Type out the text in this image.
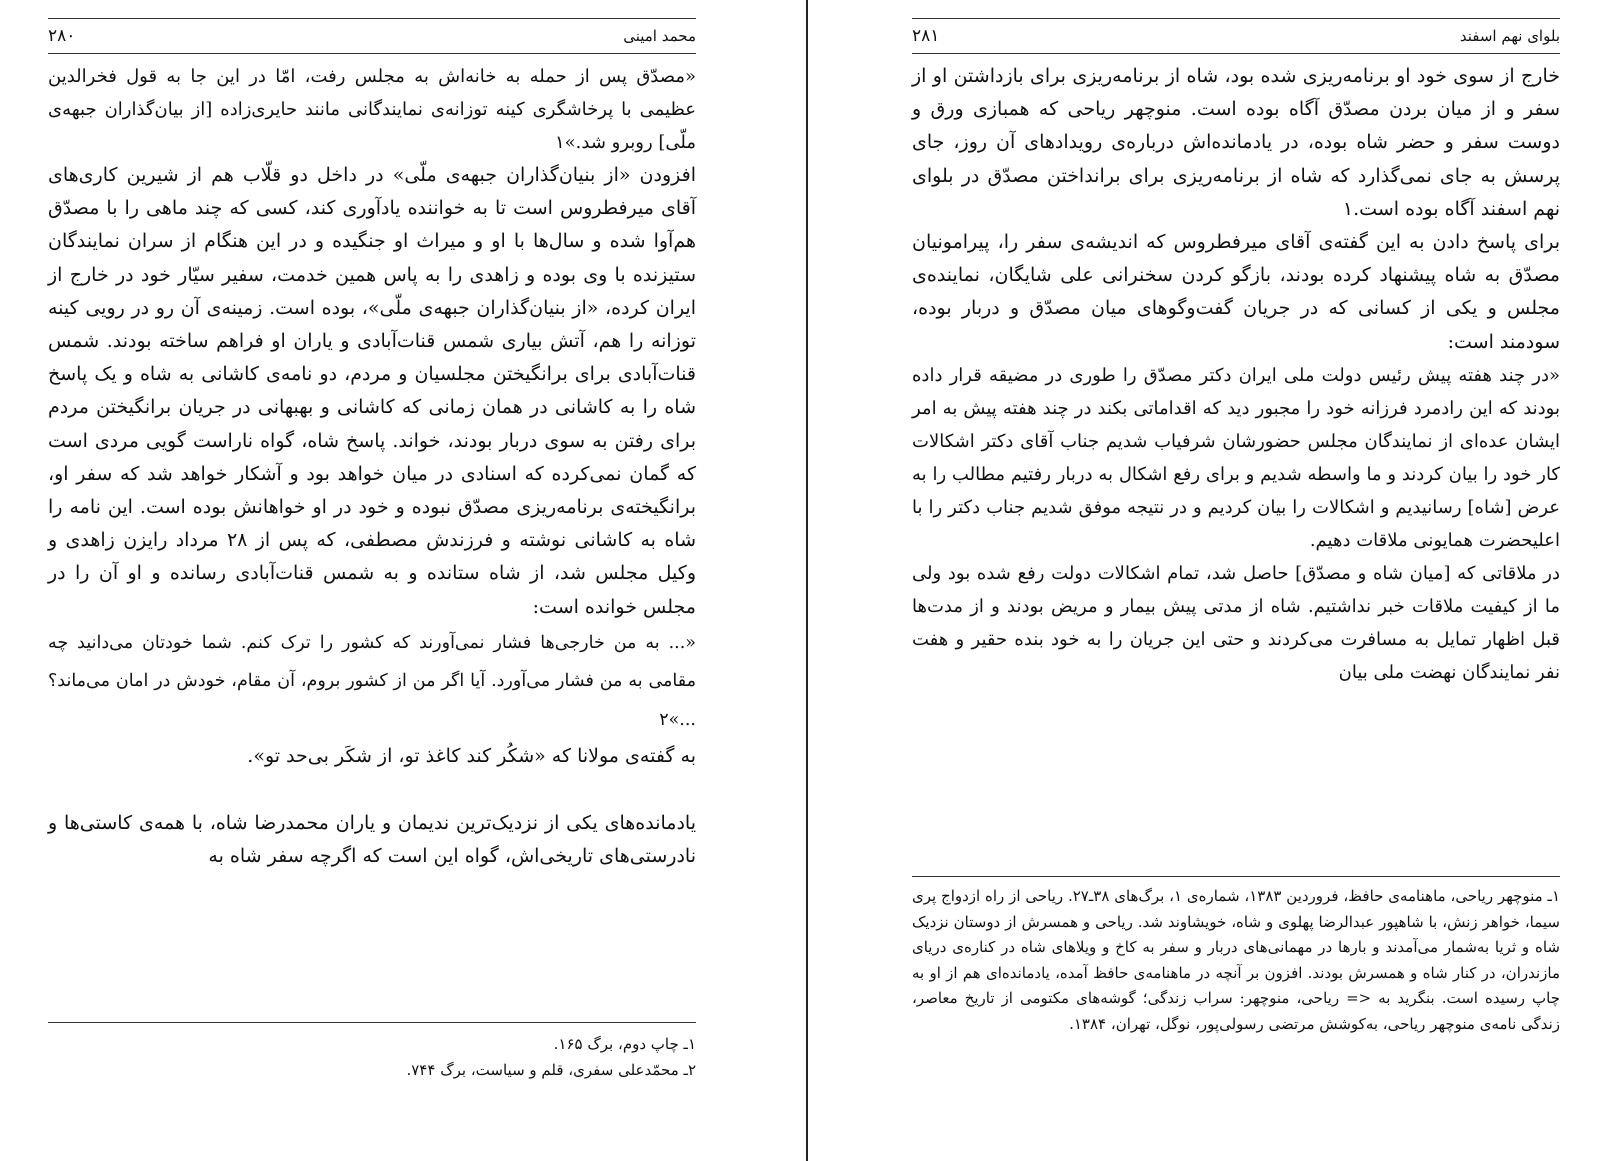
محمد امینی
۲۸۰

«مصدّق پس از حمله به خانه‌اش به مجلس رفت، امّا در این جا به قول فخرالدین عظیمی با پرخاشگری کینه توزانه‌ی نمایندگانی مانند حایری‌زاده [از بیان‌گذاران جبهه‌ی ملّی] روبرو شد.»۱

افزودن «از بنیان‌گذاران جبهه‌ی ملّی» در داخل دو قلّاب هم از شیرین کاری‌های آقای میرفطروس است تا به خواننده یادآوری کند، کسی که چند ماهی را با مصدّق هم‌آوا شده و سال‌ها با او و میراث او جنگیده و در این هنگام از سران نمایندگان ستیزنده با وی بوده و زاهدی را به پاس همین خدمت، سفیر سیّار خود در خارج از ایران کرده، «از بنیان‌گذاران جبهه‌ی ملّی»، بوده است. زمینه‌ی آن رو در رویی کینه توزانه را هم، آتش بیاری شمس قنات‌آبادی و یاران او فراهم ساخته بودند. شمس قنات‌آبادی برای برانگیختن مجلسیان و مردم، دو نامه‌ی کاشانی به شاه و یک پاسخ شاه را به کاشانی در همان زمانی که کاشانی و بهبهانی در جریان برانگیختن مردم برای رفتن به سوی دربار بودند، خواند. پاسخ شاه، گواه ناراست گویی مردی است که گمان نمی‌کرده که اسنادی در میان خواهد بود و آشکار خواهد شد که سفر او، برانگیخته‌ی برنامه‌ریزی مصدّق نبوده و خود در او خواهانش بوده است. این نامه را شاه به کاشانی نوشته و فرزندش مصطفی، که پس از ۲۸ مرداد رایزن زاهدی و وکیل مجلس شد، از شاه ستانده و به شمس قنات‌آبادی رسانده و او آن را در مجلس خوانده است:

«... به من خارجی‌ها فشار نمی‌آورند که کشور را ترک کنم. شما خودتان می‌دانید چه مقامی به من فشار می‌آورد. آیا اگر من از کشور بروم، آن مقام، خودش در امان می‌ماند؟ ...»۲

به گفته‌ی مولانا که «شکُر کند کاغذ تو، از شکَر بی‌حد تو».

یادمانده‌های یکی از نزدیک‌ترین ندیمان و یاران محمدرضا شاه، با همه‌ی کاستی‌ها و نادرستی‌های تاریخی‌اش، گواه این است که اگرچه سفر شاه به

۱ـ چاپ دوم، برگ ۱۶۵.

۲ـ محمّدعلی سفری، قلم و سیاست، برگ ۷۴۴.

بلوای نهم اسفند
۲۸۱

خارج از سوی خود او برنامه‌ریزی شده بود، شاه از برنامه‌ریزی برای بازداشتن او از سفر و از میان بردن مصدّق آگاه بوده است. منوچهر ریاحی که همبازی ورق و دوست سفر و حضر شاه بوده، در یادمانده‌اش درباره‌ی رویدادهای آن روز، جای پرسش به جای نمی‌گذارد که شاه از برنامه‌ریزی برای برانداختن مصدّق در بلوای نهم اسفند آگاه بوده است.۱

برای پاسخ دادن به این گفته‌ی آقای میرفطروس که اندیشه‌ی سفر را، پیرامونیان مصدّق به شاه پیشنهاد کرده بودند، بازگو کردن سخنرانی علی شایگان، نماینده‌ی مجلس و یکی از کسانی که در جریان گفت‌وگوهای میان مصدّق و دربار بوده، سودمند است:

«در چند هفته پیش رئیس دولت ملی ایران دکتر مصدّق را طوری در مضیقه قرار داده بودند که این رادمرد فرزانه خود را مجبور دید که اقداماتی بکند در چند هفته پیش به امر ایشان عده‌ای از نمایندگان مجلس حضورشان شرفیاب شدیم جناب آقای دکتر اشکالات کار خود را بیان کردند و ما واسطه شدیم و برای رفع اشکال به دربار رفتیم مطالب را به عرض [شاه] رسانیدیم و اشکالات را بیان کردیم و در نتیجه موفق شدیم جناب دکتر را با اعلیحضرت همایونی ملاقات دهیم.

در ملاقاتی که [میان شاه و مصدّق] حاصل شد، تمام اشکالات دولت رفع شده بود ولی ما از کیفیت ملاقات خبر نداشتیم. شاه از مدتی پیش بیمار و مریض بودند و از مدت‌ها قبل اظهار تمایل به مسافرت می‌کردند و حتی این جریان را به خود بنده حقیر و هفت نفر نمایندگان نهضت ملی بیان

۱ـ منوچهر ریاحی، ماهنامه‌ی حافظ، فروردین ۱۳۸۳، شماره‌ی ۱، برگ‌های ۳۸ـ۲۷. ریاحی از راه ازدواج پری سیما، خواهر زنش، با شاهپور عبدالرضا پهلوی و شاه، خویشاوند شد. ریاحی و همسرش از دوستان نزدیک شاه و ثریا به‌شمار می‌آمدند و بارها در مهمانی‌های دربار و سفر به کاخ و ویلاهای شاه در کناره‌ی دریای مازندران، در کنار شاه و همسرش بودند. افزون بر آنچه در ماهنامه‌ی حافظ آمده، یادمانده‌ای هم از او به چاپ رسیده است. بنگرید به <= ریاحی، منوچهر: سراب زندگی؛ گوشه‌های مکتومی از تاریخ معاصر، زندگی نامه‌ی منوچهر ریاحی، به‌کوشش مرتضی رسولی‌پور، نوگل، تهران، ۱۳۸۴.
